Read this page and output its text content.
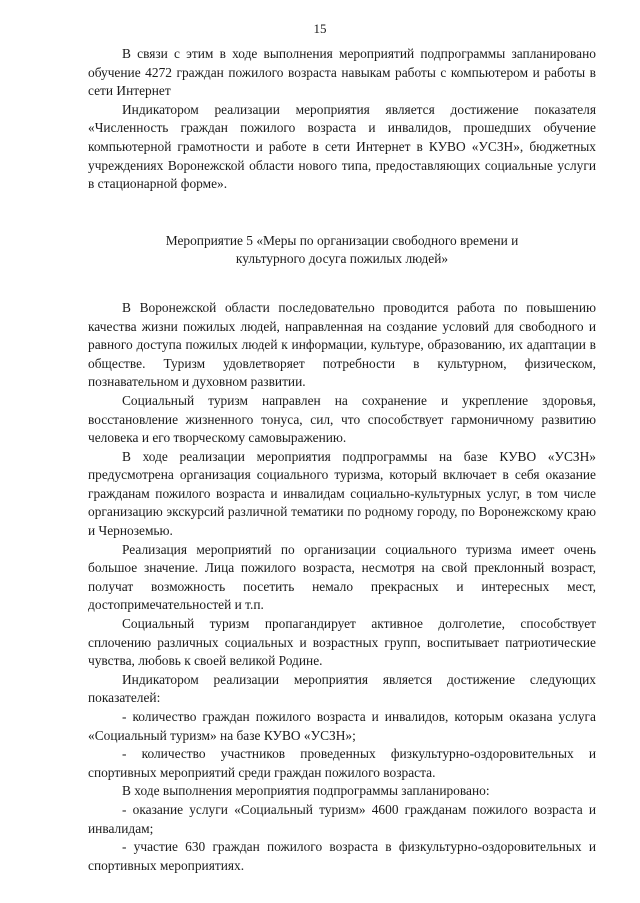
15

В связи с этим в ходе выполнения мероприятий подпрограммы запланировано обучение 4272 граждан пожилого возраста навыкам работы с компьютером и работы в сети Интернет

Индикатором реализации мероприятия является достижение показателя «Численность граждан пожилого возраста и инвалидов, прошедших обучение компьютерной грамотности и работе в сети Интернет в КУВО «УСЗН», бюджетных учреждениях Воронежской области нового типа, предоставляющих социальные услуги в стационарной форме».

Мероприятие 5 «Меры по организации свободного времени и
культурного досуга пожилых людей»

В Воронежской области последовательно проводится работа по повышению качества жизни пожилых людей, направленная на создание условий для свободного и равного доступа пожилых людей к информации, культуре, образованию, их адаптации в обществе. Туризм удовлетворяет потребности в культурном, физическом, познавательном и духовном развитии.

Социальный туризм направлен на сохранение и укрепление здоровья, восстановление жизненного тонуса, сил, что способствует гармоничному развитию человека и его творческому самовыражению.

В ходе реализации мероприятия подпрограммы на базе КУВО «УСЗН» предусмотрена организация социального туризма, который включает в себя оказание гражданам пожилого возраста и инвалидам социально-культурных услуг, в том числе организацию экскурсий различной тематики по родному городу, по Воронежскому краю и Черноземью.

Реализация мероприятий по организации социального туризма имеет очень большое значение. Лица пожилого возраста, несмотря на свой преклонный возраст, получат возможность посетить немало прекрасных и интересных мест, достопримечательностей и т.п.

Социальный туризм пропагандирует активное долголетие, способствует сплочению различных социальных и возрастных групп, воспитывает патриотические чувства, любовь к своей великой Родине.

Индикатором реализации мероприятия является достижение следующих показателей:

- количество граждан пожилого возраста и инвалидов, которым оказана услуга «Социальный туризм» на базе КУВО «УСЗН»;

- количество участников проведенных физкультурно-оздоровительных и спортивных мероприятий среди граждан пожилого возраста.

В ходе выполнения мероприятия подпрограммы запланировано:

- оказание услуги «Социальный туризм» 4600 гражданам пожилого возраста и инвалидам;

- участие 630 граждан пожилого возраста в физкультурно-оздоровительных и спортивных мероприятиях.
